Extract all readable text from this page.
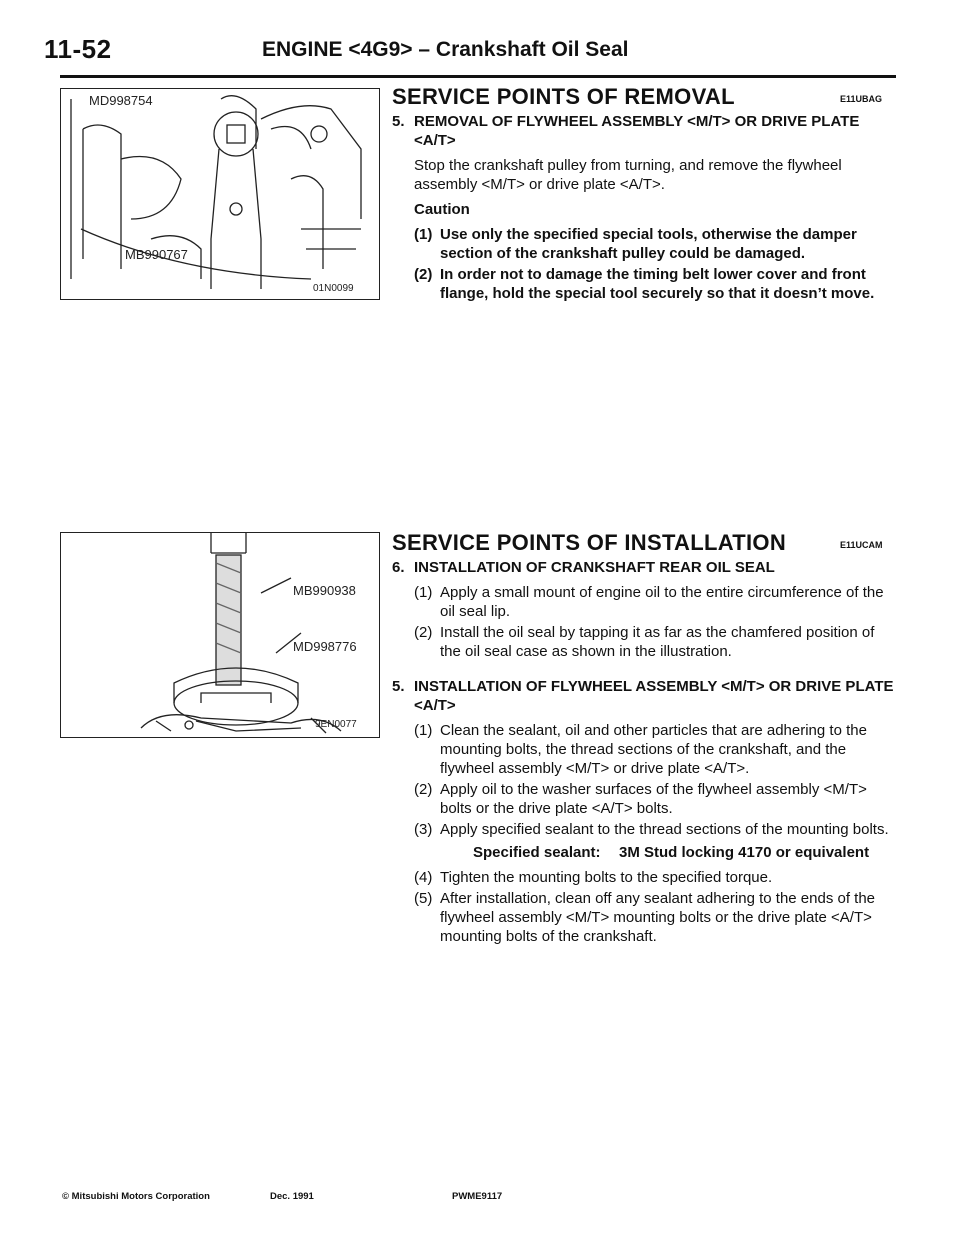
11-52	ENGINE <4G9> – Crankshaft Oil Seal
MD998754
MB990767
01N0099
MB990938
MD998776
9EN0077
SERVICE POINTS OF REMOVAL	E11UBAG
5. REMOVAL OF FLYWHEEL ASSEMBLY <M/T> OR DRIVE PLATE <A/T>
Stop the crankshaft pulley from turning, and remove the flywheel assembly <M/T> or drive plate <A/T>.
Caution
(1) Use only the specified special tools, otherwise the damper section of the crankshaft pulley could be damaged.
(2) In order not to damage the timing belt lower cover and front flange, hold the special tool securely so that it doesn’t move.
SERVICE POINTS OF INSTALLATION	E11UCAM
6. INSTALLATION OF CRANKSHAFT REAR OIL SEAL
(1) Apply a small mount of engine oil to the entire circumference of the oil seal lip.
(2) Install the oil seal by tapping it as far as the chamfered position of the oil seal case as shown in the illustration.
5. INSTALLATION OF FLYWHEEL ASSEMBLY <M/T> OR DRIVE PLATE <A/T>
(1) Clean the sealant, oil and other particles that are adhering to the mounting bolts, the thread sections of the crankshaft, and the flywheel assembly <M/T> or drive plate <A/T>.
(2) Apply oil to the washer surfaces of the flywheel assembly <M/T> bolts or the drive plate <A/T> bolts.
(3) Apply specified sealant to the thread sections of the mounting bolts.
Specified sealant:	3M Stud locking 4170 or equivalent
(4) Tighten the mounting bolts to the specified torque.
(5) After installation, clean off any sealant adhering to the ends of the flywheel assembly <M/T> mounting bolts or the drive plate <A/T> mounting bolts of the crankshaft.
© Mitsubishi Motors Corporation	Dec. 1991	PWME9117
